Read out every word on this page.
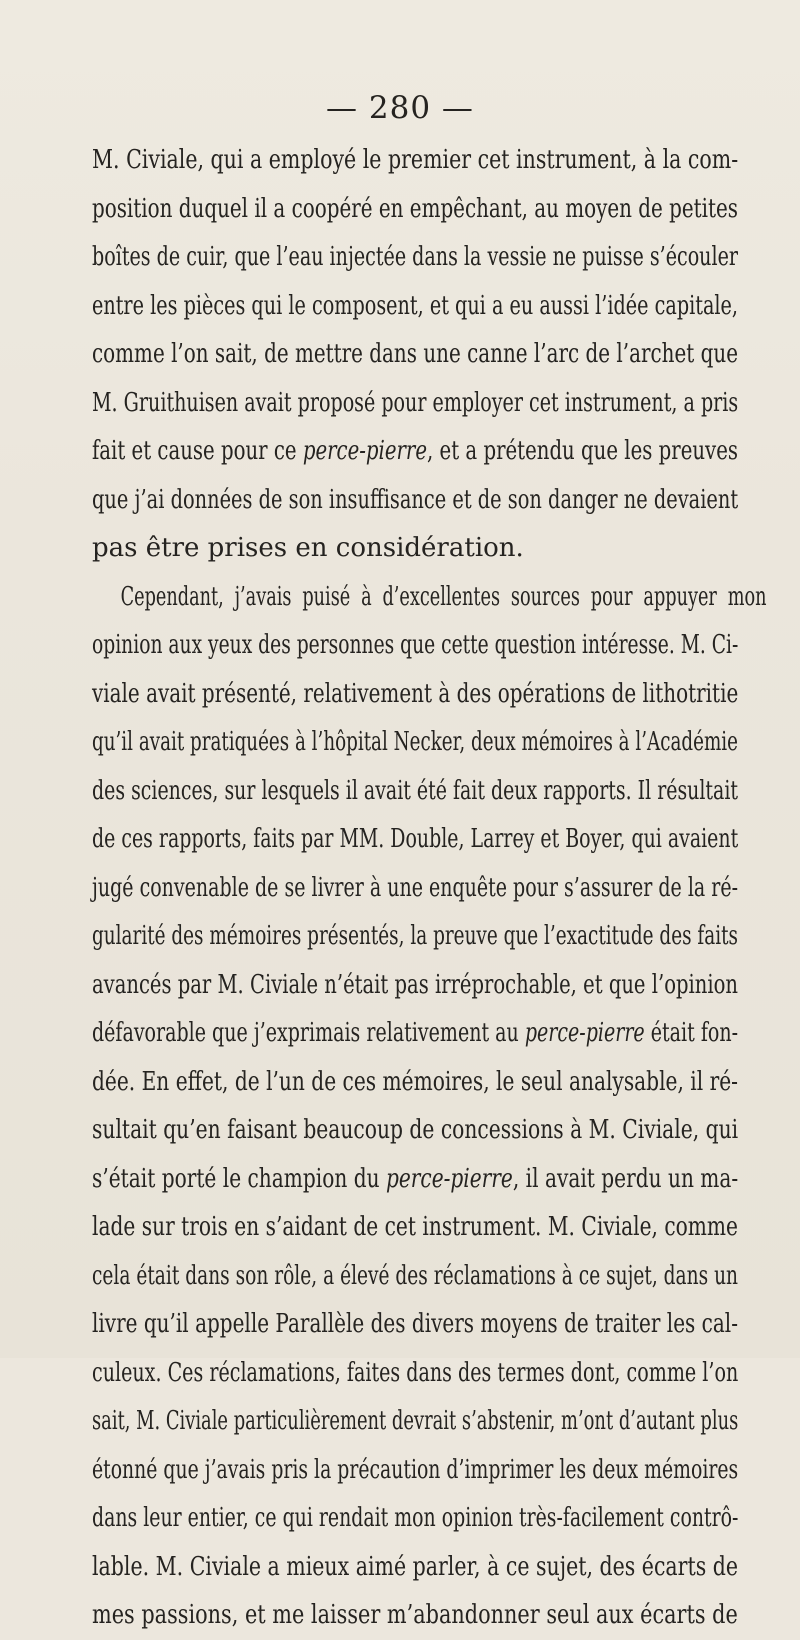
— 280 —
M. Civiale, qui a employé le premier cet instrument, à la com-
position duquel il a coopéré en empêchant, au moyen de petites
boîtes de cuir, que l’eau injectée dans la vessie ne puisse s’écouler
entre les pièces qui le composent, et qui a eu aussi l’idée capitale,
comme l’on sait, de mettre dans une canne l’arc de l’archet que
M. Gruithuisen avait proposé pour employer cet instrument, a pris
fait et cause pour ce perce-pierre, et a prétendu que les preuves
que j’ai données de son insuffisance et de son danger ne devaient
pas être prises en considération.
Cependant, j’avais puisé à d’excellentes sources pour appuyer mon
opinion aux yeux des personnes que cette question intéresse. M. Ci-
viale avait présenté, relativement à des opérations de lithotritie
qu’il avait pratiquées à l’hôpital Necker, deux mémoires à l’Académie
des sciences, sur lesquels il avait été fait deux rapports. Il résultait
de ces rapports, faits par MM. Double, Larrey et Boyer, qui avaient
jugé convenable de se livrer à une enquête pour s’assurer de la ré-
gularité des mémoires présentés, la preuve que l’exactitude des faits
avancés par M. Civiale n’était pas irréprochable, et que l’opinion
défavorable que j’exprimais relativement au perce-pierre était fon-
dée. En effet, de l’un de ces mémoires, le seul analysable, il ré-
sultait qu’en faisant beaucoup de concessions à M. Civiale, qui
s’était porté le champion du perce-pierre, il avait perdu un ma-
lade sur trois en s’aidant de cet instrument. M. Civiale, comme
cela était dans son rôle, a élevé des réclamations à ce sujet, dans un
livre qu’il appelle Parallèle des divers moyens de traiter les cal-
culeux. Ces réclamations, faites dans des termes dont, comme l’on
sait, M. Civiale particulièrement devrait s’abstenir, m’ont d’autant plus
étonné que j’avais pris la précaution d’imprimer les deux mémoires
dans leur entier, ce qui rendait mon opinion très-facilement contrô-
lable. M. Civiale a mieux aimé parler, à ce sujet, des écarts de
mes passions, et me laisser m’abandonner seul aux écarts de
